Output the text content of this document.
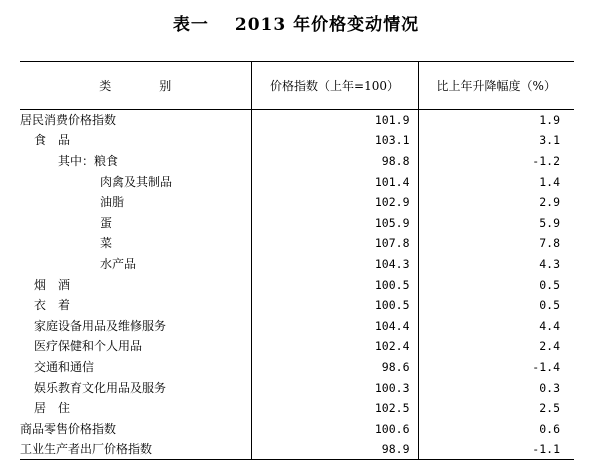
表一 2013 年价格变动情况
类　　　　别	价格指数（上年=100）	比上年升降幅度（%）
居民消费价格指数	101.9	1.9
食　品	103.1	3.1
其中：粮食	98.8	-1.2
肉禽及其制品	101.4	1.4
油脂	102.9	2.9
蛋	105.9	5.9
菜	107.8	7.8
水产品	104.3	4.3
烟　酒	100.5	0.5
衣　着	100.5	0.5
家庭设备用品及维修服务	104.4	4.4
医疗保健和个人用品	102.4	2.4
交通和通信	98.6	-1.4
娱乐教育文化用品及服务	100.3	0.3
居　住	102.5	2.5
商品零售价格指数	100.6	0.6
工业生产者出厂价格指数	98.9	-1.1
